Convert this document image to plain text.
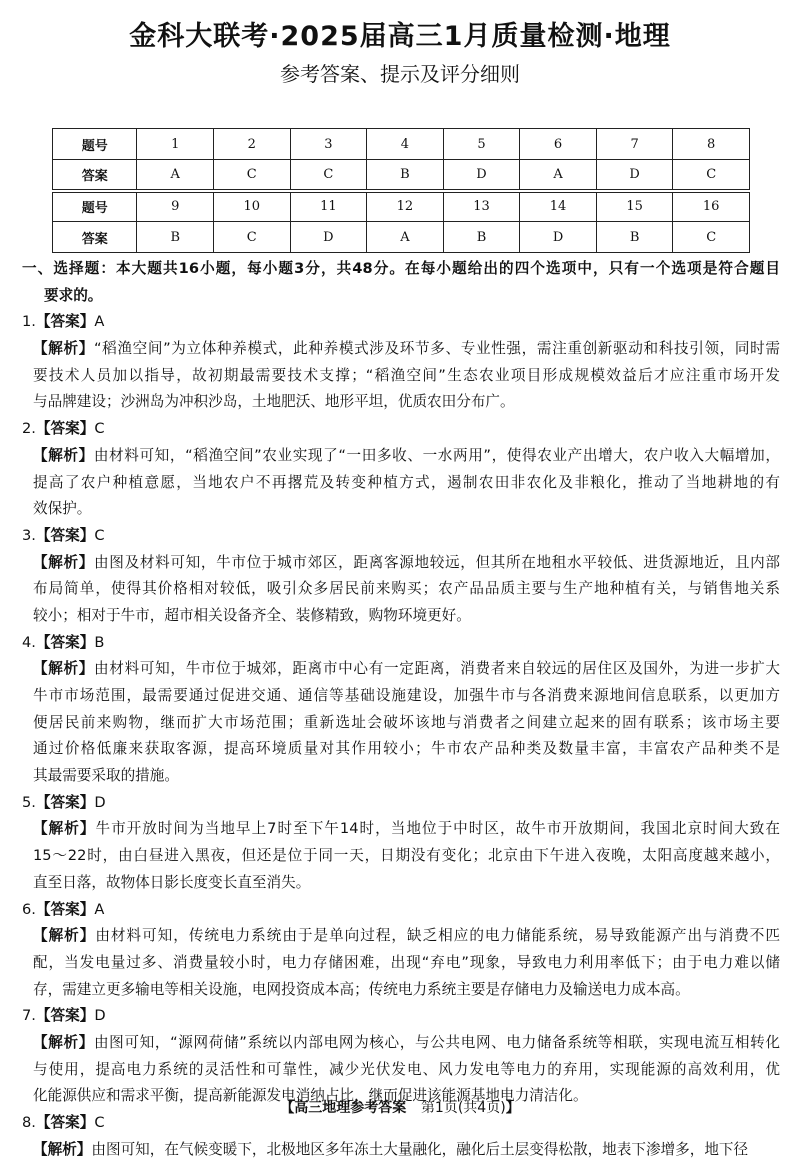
金科大联考·2025届高三1月质量检测·地理
参考答案、提示及评分细则
题号	1	2	3	4	5	6	7	8
答案	A	C	C	B	D	A	D	C
题号	9	10	11	12	13	14	15	16
答案	B	C	D	A	B	D	B	C
一、选择题：本大题共16小题，每小题3分，共48分。在每小题给出的四个选项中，只有一个选项是符合题目
要求的。
1.【答案】A
【解析】“稻渔空间”为立体种养模式，此种养模式涉及环节多、专业性强，需注重创新驱动和科技引领，同时需
要技术人员加以指导，故初期最需要技术支撑；“稻渔空间”生态农业项目形成规模效益后才应注重市场开发
与品牌建设；沙洲岛为冲积沙岛，土地肥沃、地形平坦，优质农田分布广。
2.【答案】C
【解析】由材料可知，“稻渔空间”农业实现了“一田多收、一水两用”，使得农业产出增大，农户收入大幅增加，
提高了农户种植意愿，当地农户不再撂荒及转变种植方式，遏制农田非农化及非粮化，推动了当地耕地的有
效保护。
3.【答案】C
【解析】由图及材料可知，牛市位于城市郊区，距离客源地较远，但其所在地租水平较低、进货源地近，且内部
布局简单，使得其价格相对较低，吸引众多居民前来购买；农产品品质主要与生产地种植有关，与销售地关系
较小；相对于牛市，超市相关设备齐全、装修精致，购物环境更好。
4.【答案】B
【解析】由材料可知，牛市位于城郊，距离市中心有一定距离，消费者来自较远的居住区及国外，为进一步扩大
牛市市场范围，最需要通过促进交通、通信等基础设施建设，加强牛市与各消费来源地间信息联系，以更加方
便居民前来购物，继而扩大市场范围；重新选址会破坏该地与消费者之间建立起来的固有联系；该市场主要
通过价格低廉来获取客源，提高环境质量对其作用较小；牛市农产品种类及数量丰富，丰富农产品种类不是
其最需要采取的措施。
5.【答案】D
【解析】牛市开放时间为当地早上7时至下午14时，当地位于中时区，故牛市开放期间，我国北京时间大致在
15～22时，由白昼进入黑夜，但还是位于同一天，日期没有变化；北京由下午进入夜晚，太阳高度越来越小，
直至日落，故物体日影长度变长直至消失。
6.【答案】A
【解析】由材料可知，传统电力系统由于是单向过程，缺乏相应的电力储能系统，易导致能源产出与消费不匹
配，当发电量过多、消费量较小时，电力存储困难，出现“弃电”现象，导致电力利用率低下；由于电力难以储
存，需建立更多输电等相关设施，电网投资成本高；传统电力系统主要是存储电力及输送电力成本高。
7.【答案】D
【解析】由图可知，“源网荷储”系统以内部电网为核心，与公共电网、电力储备系统等相联，实现电流互相转化
与使用，提高电力系统的灵活性和可靠性，减少光伏发电、风力发电等电力的弃用，实现能源的高效利用，优
化能源供应和需求平衡，提高新能源发电消纳占比，继而促进该能源基地电力清洁化。
8.【答案】C
【解析】由图可知，在气候变暖下，北极地区多年冻土大量融化，融化后土层变得松散，地表下渗增多，地下径
【高三地理参考答案 第1页(共4页)】
